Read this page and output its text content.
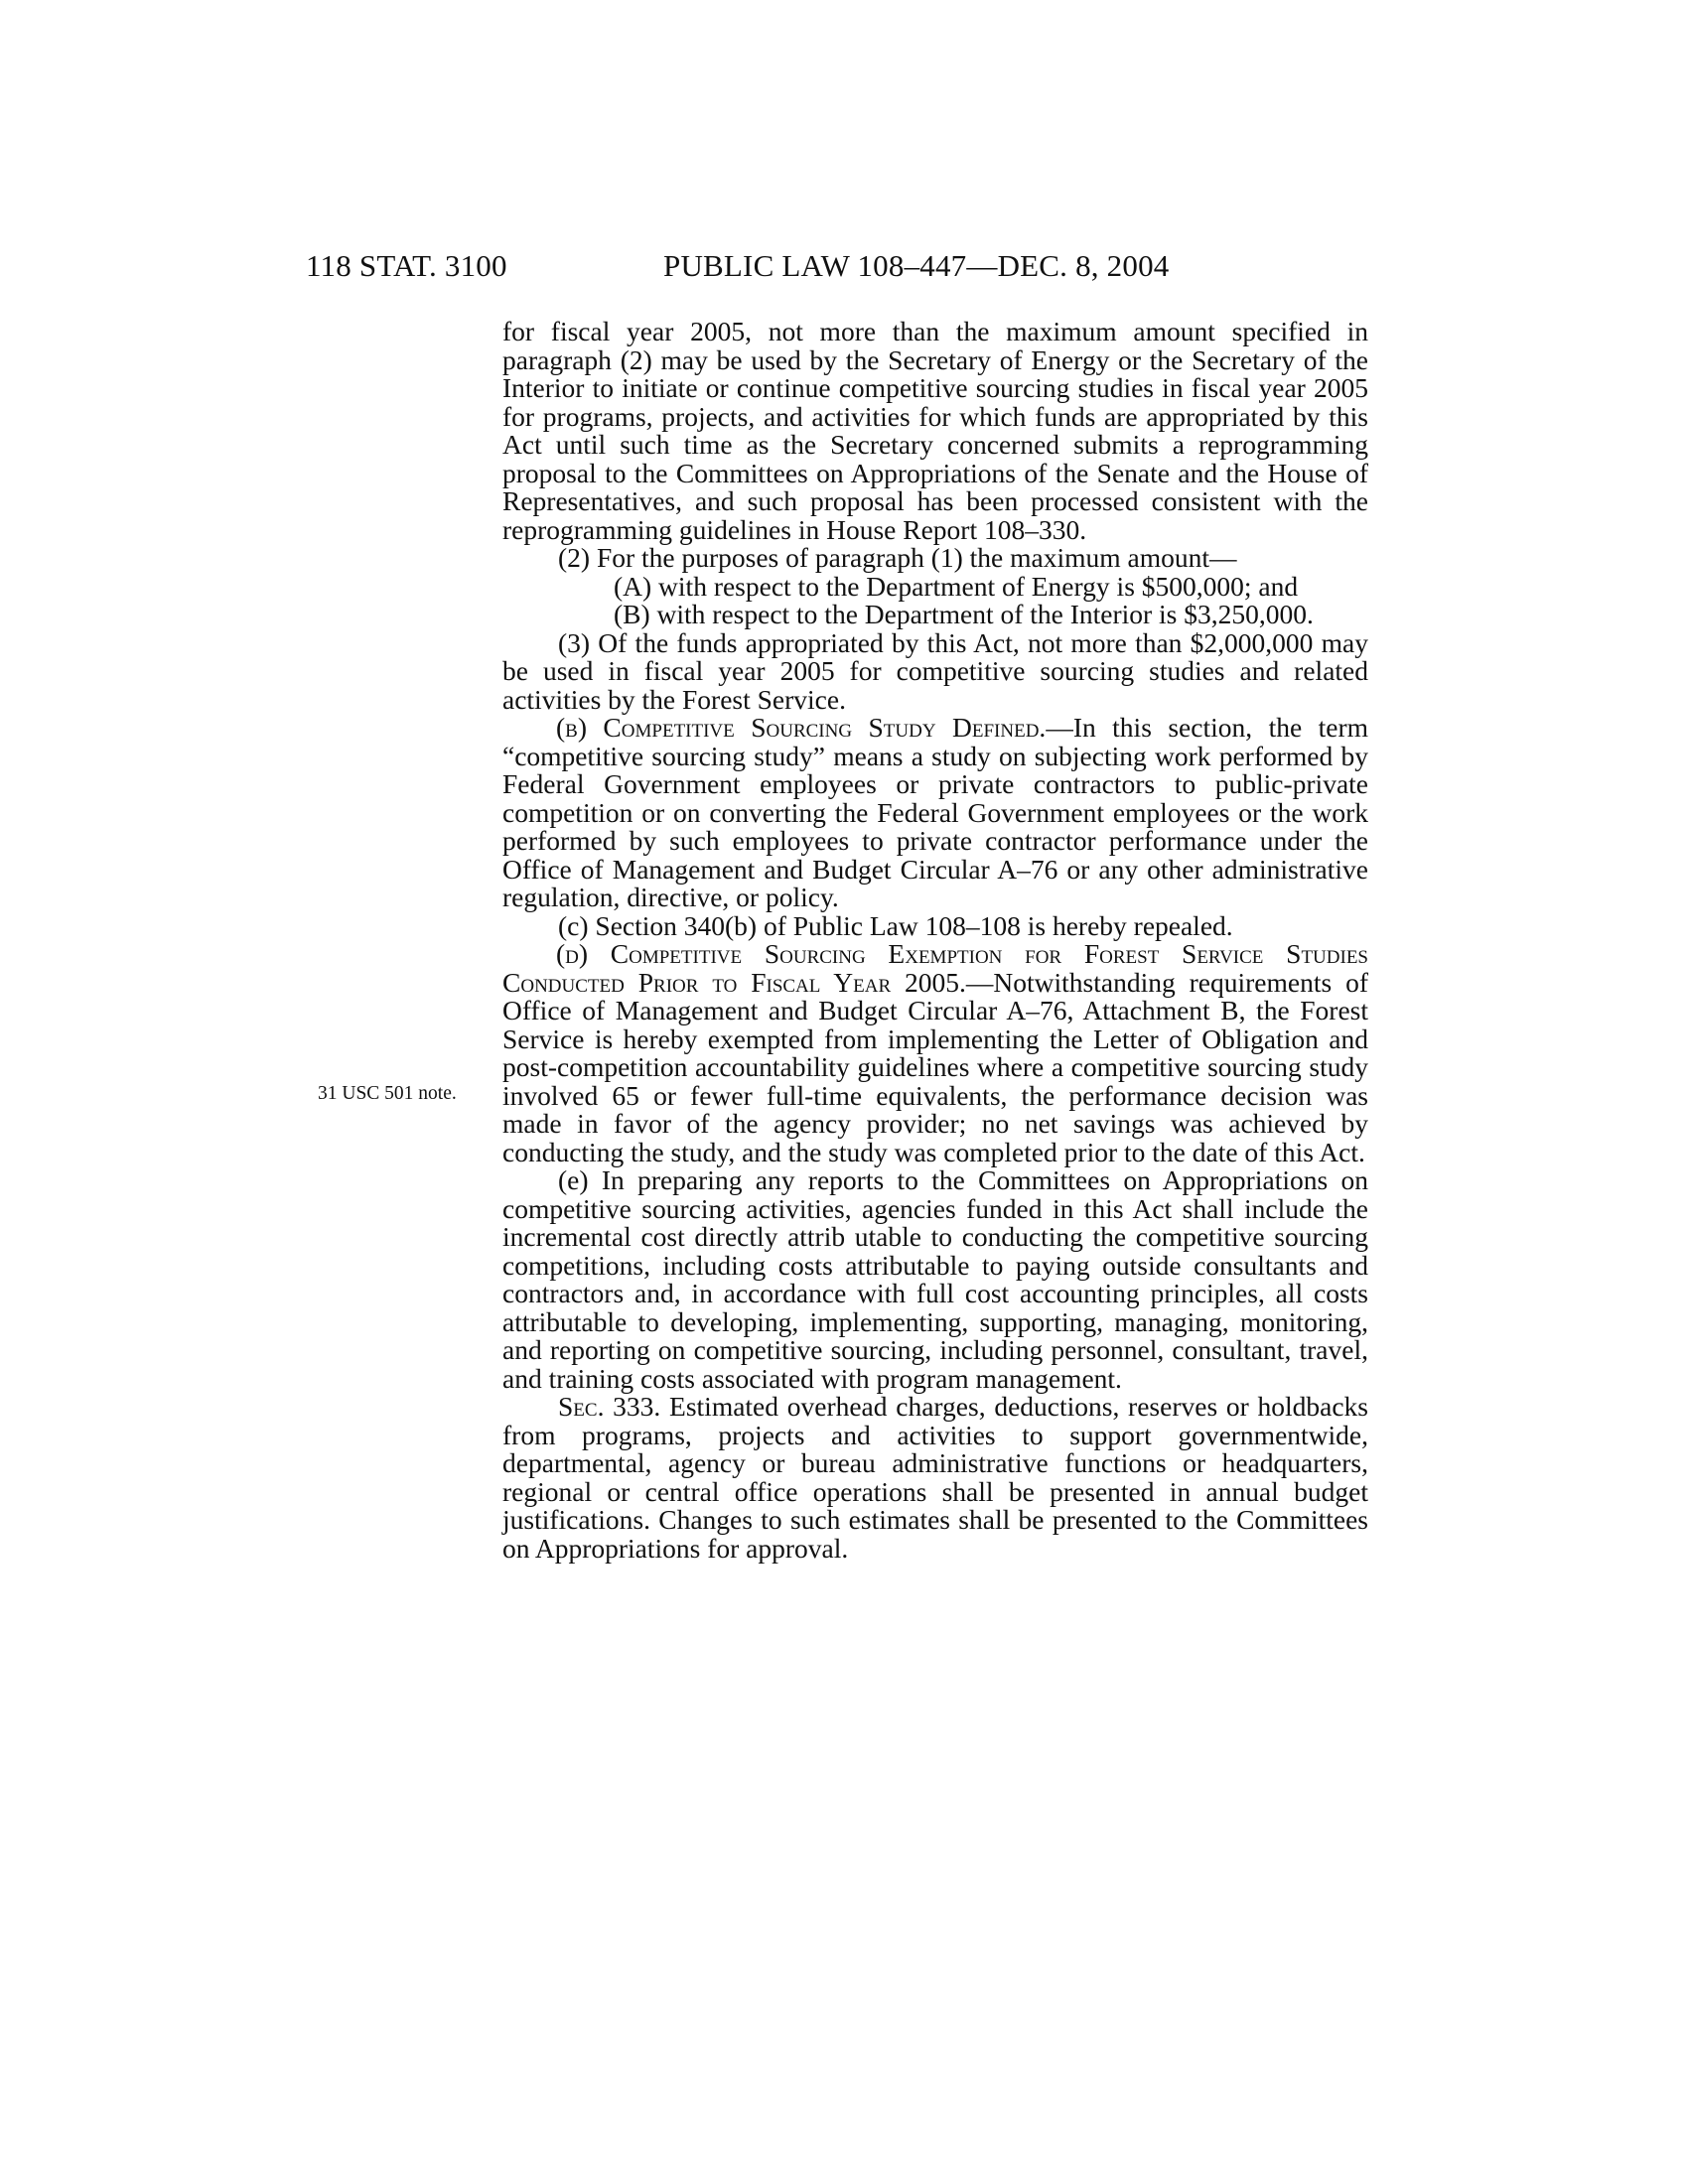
118 STAT. 3100	PUBLIC LAW 108–447—DEC. 8, 2004
31 USC 501 note.

for fiscal year 2005, not more than the maximum amount specified in paragraph (2) may be used by the Secretary of Energy or the Secretary of the Interior to initiate or continue competitive sourcing studies in fiscal year 2005 for programs, projects, and activities for which funds are appropriated by this Act until such time as the Secretary concerned submits a reprogramming proposal to the Committees on Appropriations of the Senate and the House of Representatives, and such proposal has been processed consistent with the reprogramming guidelines in House Report 108–330.

(2) For the purposes of paragraph (1) the maximum amount—

(A) with respect to the Department of Energy is $500,000; and

(B) with respect to the Department of the Interior is $3,250,000.

(3) Of the funds appropriated by this Act, not more than $2,000,000 may be used in fiscal year 2005 for competitive sourcing studies and related activities by the Forest Service.

(b) Competitive Sourcing Study Defined.—In this section, the term “competitive sourcing study” means a study on subjecting work performed by Federal Government employees or private contractors to public-private competition or on converting the Federal Government employees or the work performed by such employees to private contractor performance under the Office of Management and Budget Circular A–76 or any other administrative regulation, directive, or policy.

(c) Section 340(b) of Public Law 108–108 is hereby repealed.

(d) Competitive Sourcing Exemption for Forest Service Studies Conducted Prior to Fiscal Year 2005.—Notwithstanding requirements of Office of Management and Budget Circular A–76, Attachment B, the Forest Service is hereby exempted from implementing the Letter of Obligation and post-competition accountability guidelines where a competitive sourcing study involved 65 or fewer full-time equivalents, the performance decision was made in favor of the agency provider; no net savings was achieved by conducting the study, and the study was completed prior to the date of this Act.

(e) In preparing any reports to the Committees on Appropriations on competitive sourcing activities, agencies funded in this Act shall include the incremental cost directly attrib utable to conducting the competitive sourcing competitions, including costs attributable to paying outside consultants and contractors and, in accordance with full cost accounting principles, all costs attributable to developing, implementing, supporting, managing, monitoring, and reporting on competitive sourcing, including personnel, consultant, travel, and training costs associated with program management.

Sec. 333. Estimated overhead charges, deductions, reserves or holdbacks from programs, projects and activities to support governmentwide, departmental, agency or bureau administrative functions or headquarters, regional or central office operations shall be presented in annual budget justifications. Changes to such estimates shall be presented to the Committees on Appropriations for approval.
